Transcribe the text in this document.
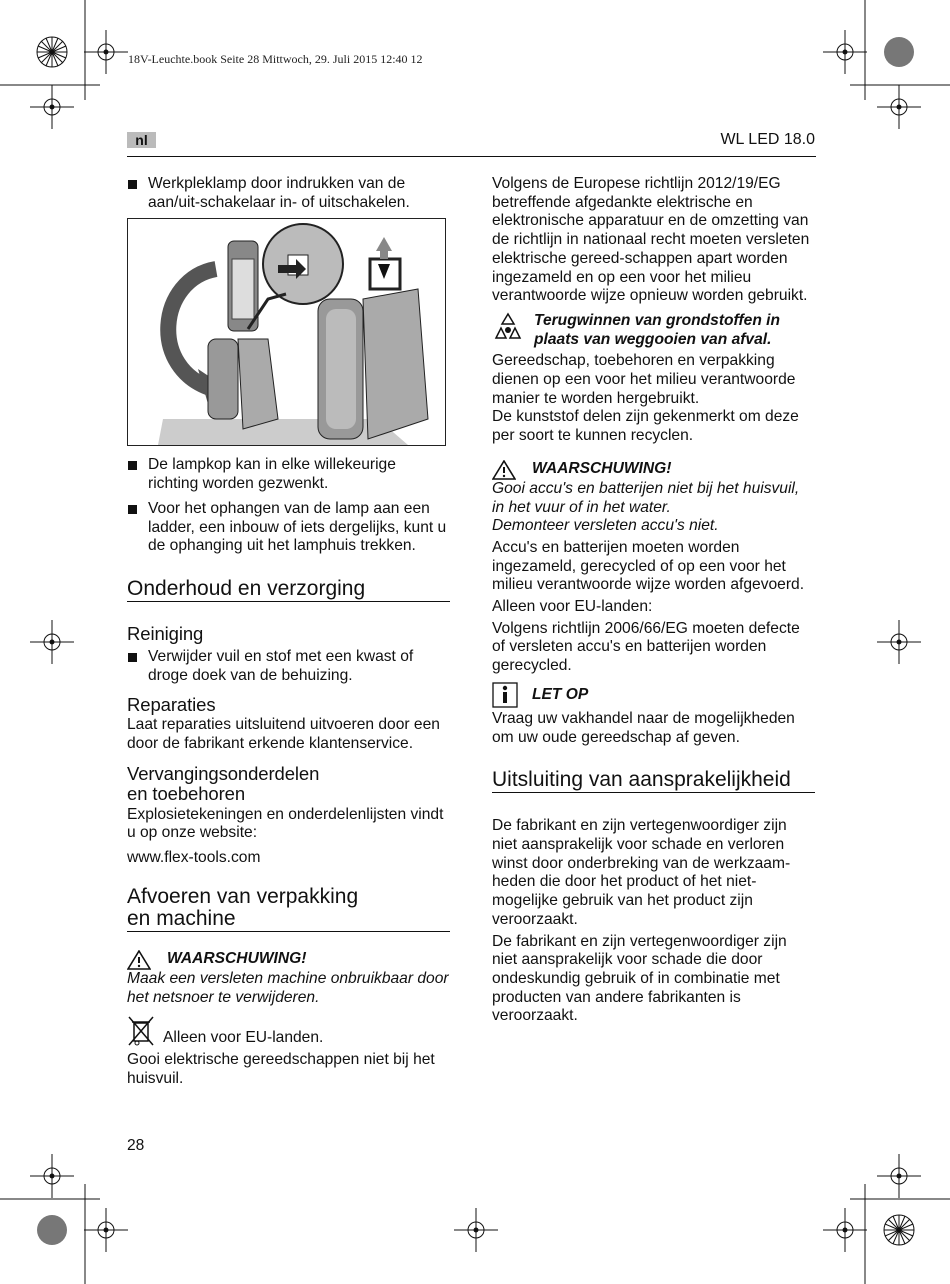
18V-Leuchte.book Seite 28 Mittwoch, 29. Juli 2015 12:40 12
nl	WL LED 18.0

Werkpleklamp door indrukken van de aan/uit-schakelaar in- of uitschakelen.

De lampkop kan in elke willekeurige richting worden gezwenkt.

Voor het ophangen van de lamp aan een ladder, een inbouw of iets dergelijks, kunt u de ophanging uit het lamphuis trekken.

Onderhoud en verzorging
Reiniging

Verwijder vuil en stof met een kwast of droge doek van de behuizing.

Reparaties

Laat reparaties uitsluitend uitvoeren door een door de fabrikant erkende klantenservice.

Vervangingsonderdelen
en toebehoren

Explosietekeningen en onderdelenlijsten vindt u op onze website:

www.flex-tools.com

Afvoeren van verpakking
en machine
WAARSCHUWING!

Maak een versleten machine onbruikbaar door het netsnoer te verwijderen.

Alleen voor EU-landen.

Gooi elektrische gereedschappen niet bij het huisvuil.

Volgens de Europese richtlijn 2012/19/EG betreffende afgedankte elektrische en elektronische apparatuur en de omzetting van de richtlijn in nationaal recht moeten versleten elektrische gereed-schappen apart worden ingezameld en op een voor het milieu verantwoorde wijze opnieuw worden gebruikt.

Terugwinnen van grondstoffen in plaats van weggooien van afval.

Gereedschap, toebehoren en verpakking dienen op een voor het milieu verantwoorde manier te worden hergebruikt.

De kunststof delen zijn gekenmerkt om deze per soort te kunnen recyclen.

WAARSCHUWING!

Gooi accu's en batterijen niet bij het huisvuil, in het vuur of in het water.

Demonteer versleten accu's niet.

Accu's en batterijen moeten worden ingezameld, gerecycled of op een voor het milieu verantwoorde wijze worden afgevoerd.

Alleen voor EU-landen:

Volgens richtlijn 2006/66/EG moeten defecte of versleten accu's en batterijen worden gerecycled.

LET OP

Vraag uw vakhandel naar de mogelijkheden om uw oude gereedschap af geven.

Uitsluiting van aansprakelijkheid

De fabrikant en zijn vertegenwoordiger zijn niet aansprakelijk voor schade en verloren winst door onderbreking van de werkzaam-heden die door het product of het niet-mogelijke gebruik van het product zijn veroorzaakt.

De fabrikant en zijn vertegenwoordiger zijn niet aansprakelijk voor schade die door ondeskundig gebruik of in combinatie met producten van andere fabrikanten is veroorzaakt.

28
